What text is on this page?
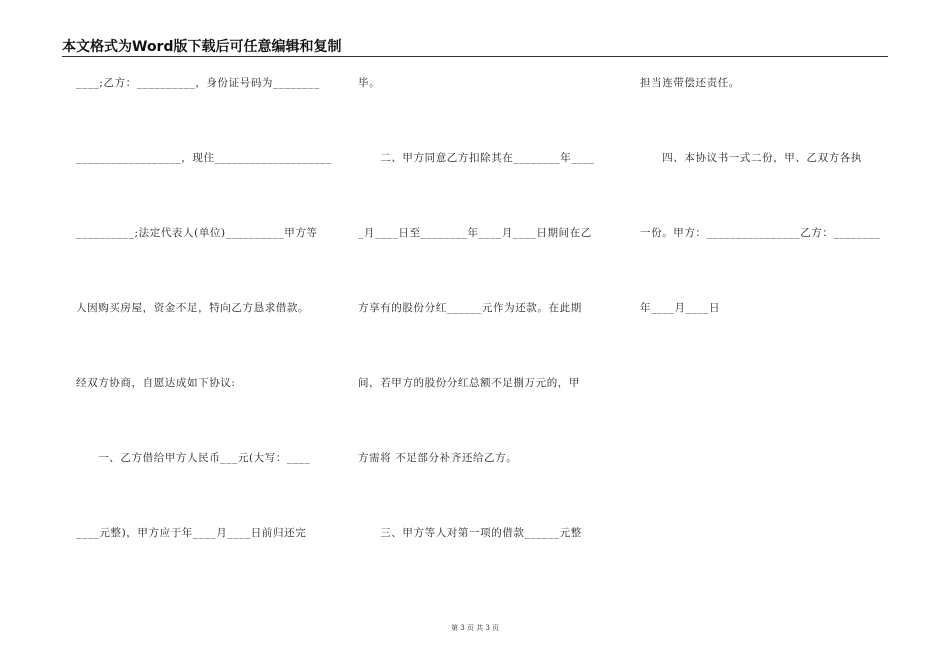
本文格式为Word版下载后可任意编辑和复制
____;乙方：__________，身份证号码为________
__________________，现住____________________
__________;法定代表人(单位)__________甲方等
人因购买房屋，资金不足，特向乙方恳求借款。
经双方协商，自愿达成如下协议:
　　一、乙方借给甲方人民币___元(大写：____
____元整)，甲方应于年____月____日前归还完
毕。
　　二、甲方同意乙方扣除其在________年____
_月____日至________年____月____日期间在乙
方享有的股份分红______元作为还款。在此期
间，若甲方的股份分红总额不足捌万元的，甲
方需将 不足部分补齐还给乙方。
　　三、甲方等人对第一项的借款______元整
担当连带偿还责任。
　　四、本协议书一式二份，甲、乙双方各执
一份。甲方：________________乙方：________
年____月____日
第 3 页 共 3 页
